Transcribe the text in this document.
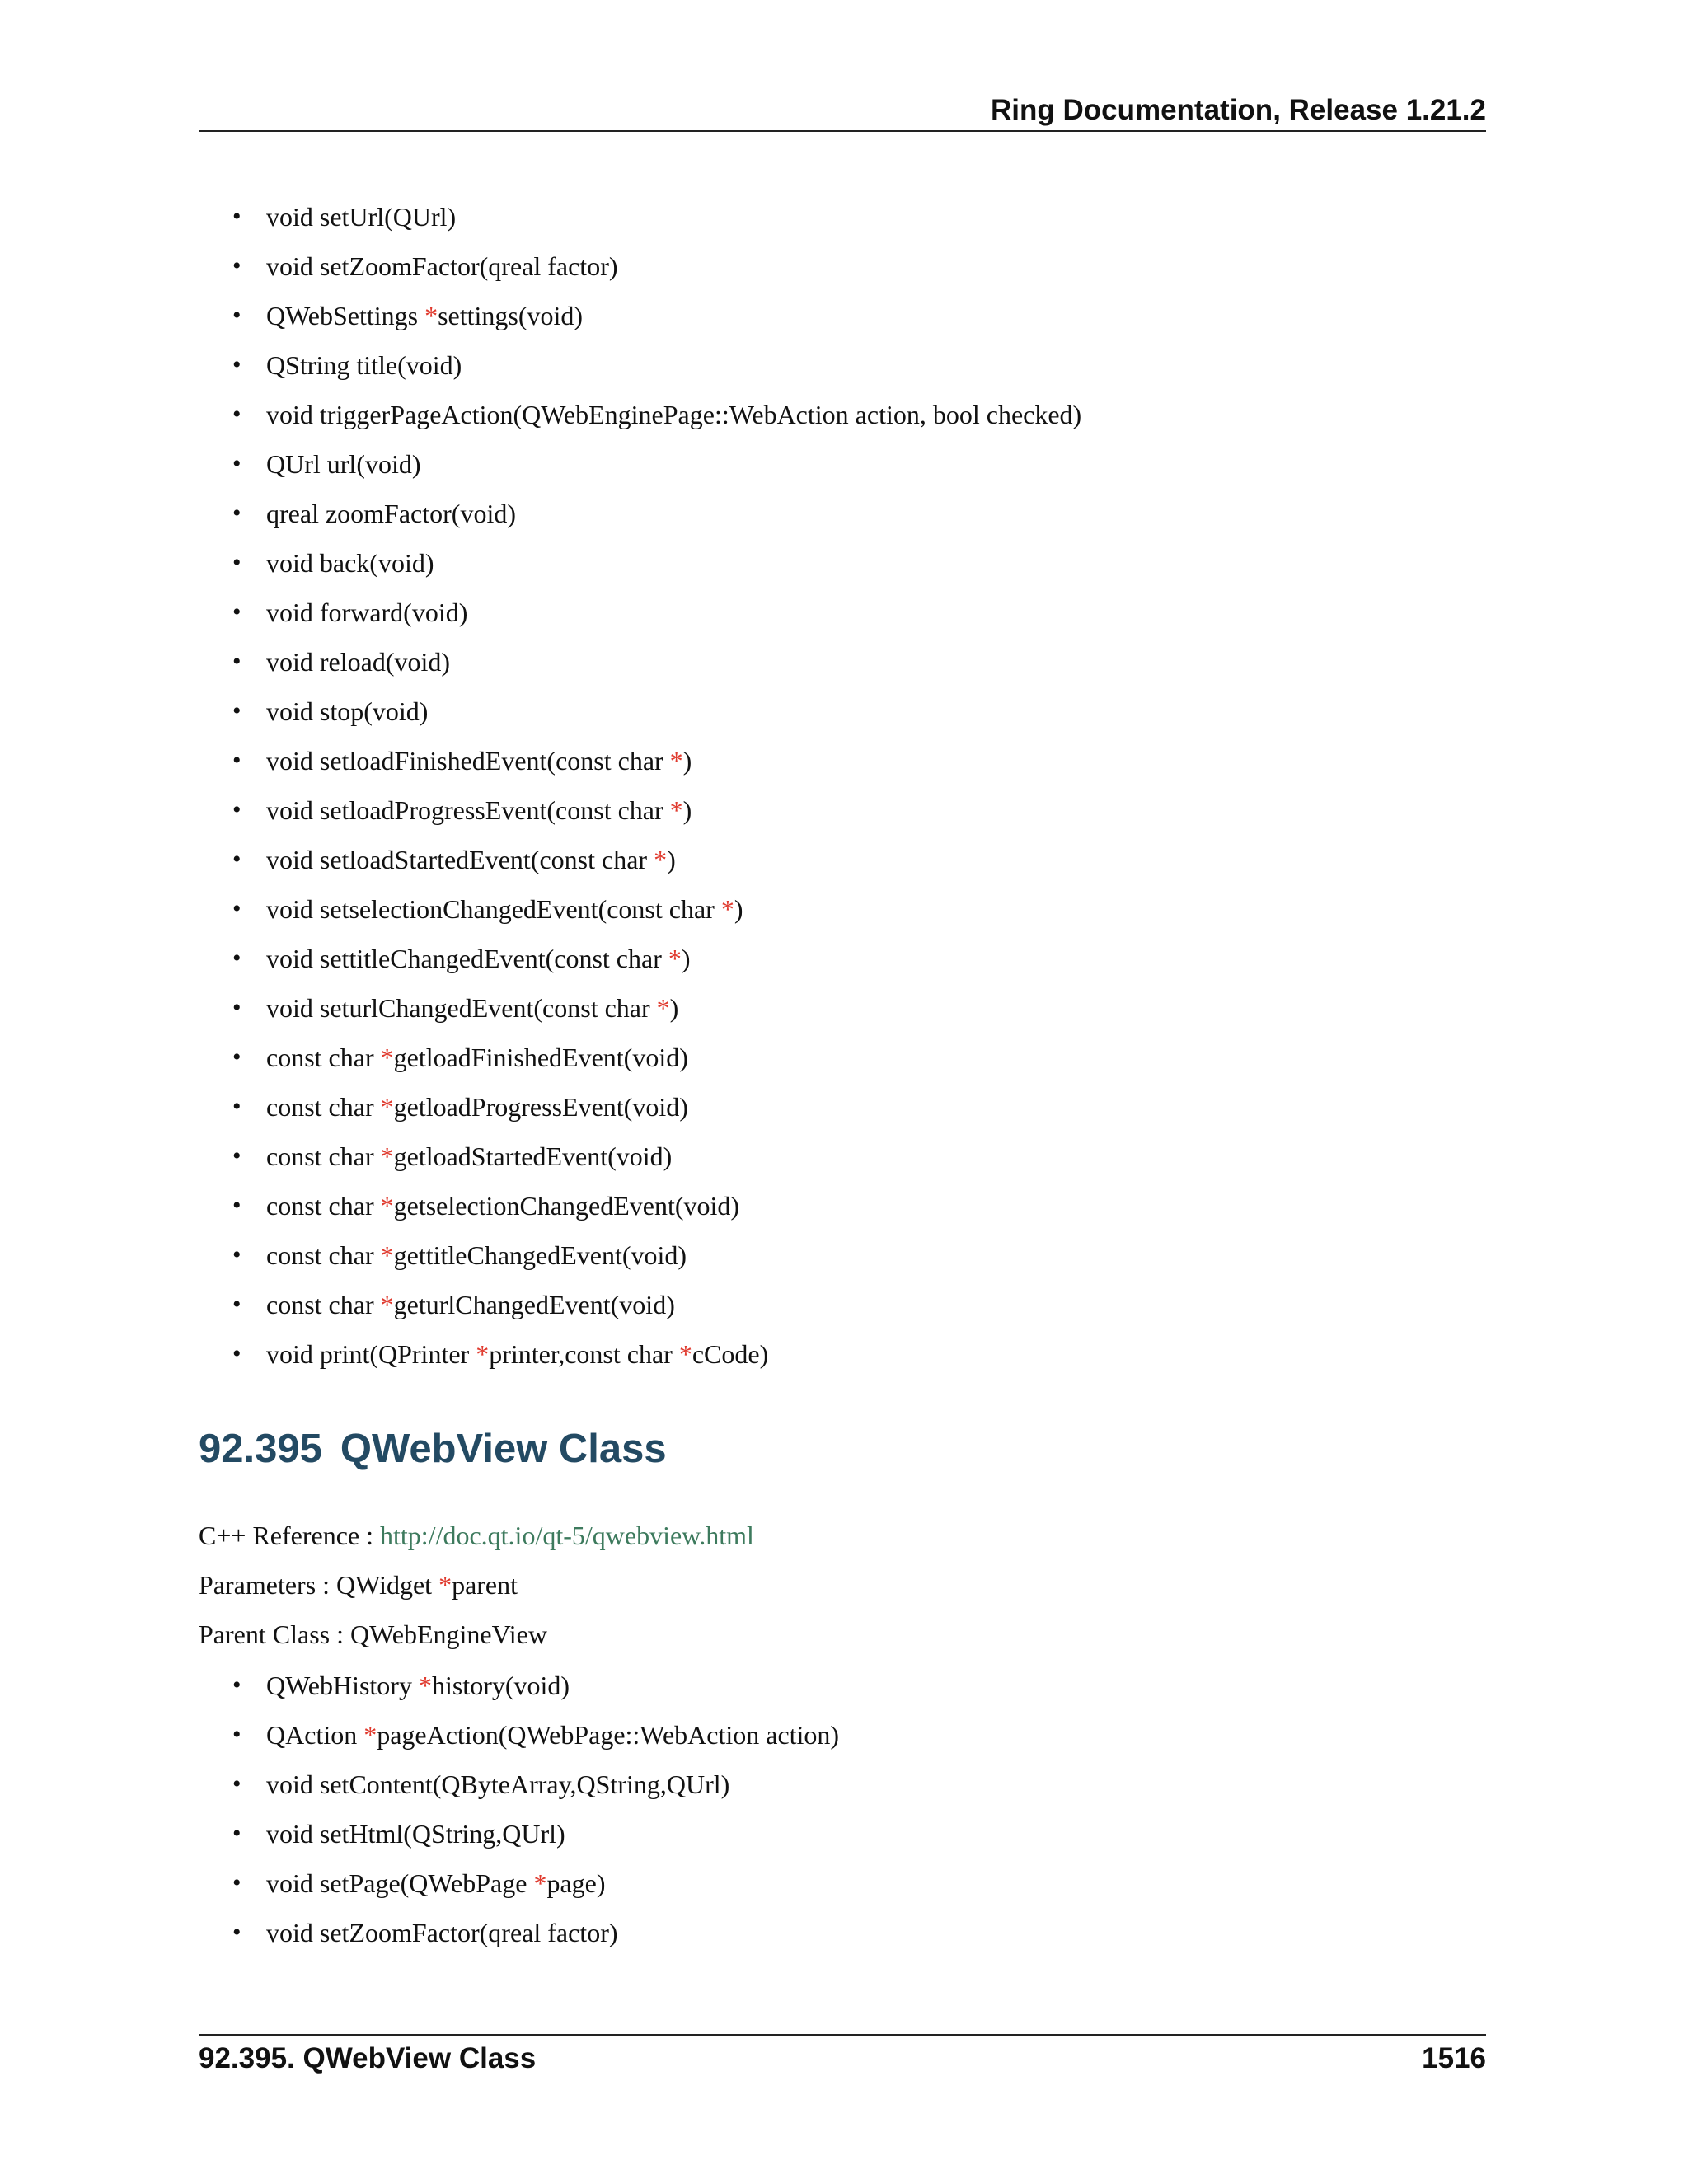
Ring Documentation, Release 1.21.2
• void setUrl(QUrl)
• void setZoomFactor(qreal factor)
• QWebSettings *settings(void)
• QString title(void)
• void triggerPageAction(QWebEnginePage::WebAction action, bool checked)
• QUrl url(void)
• qreal zoomFactor(void)
• void back(void)
• void forward(void)
• void reload(void)
• void stop(void)
• void setloadFinishedEvent(const char *)
• void setloadProgressEvent(const char *)
• void setloadStartedEvent(const char *)
• void setselectionChangedEvent(const char *)
• void settitleChangedEvent(const char *)
• void seturlChangedEvent(const char *)
• const char *getloadFinishedEvent(void)
• const char *getloadProgressEvent(void)
• const char *getloadStartedEvent(void)
• const char *getselectionChangedEvent(void)
• const char *gettitleChangedEvent(void)
• const char *geturlChangedEvent(void)
• void print(QPrinter *printer,const char *cCode)
92.395 QWebView Class
C++ Reference : http://doc.qt.io/qt-5/qwebview.html
Parameters : QWidget *parent
Parent Class : QWebEngineView
• QWebHistory *history(void)
• QAction *pageAction(QWebPage::WebAction action)
• void setContent(QByteArray,QString,QUrl)
• void setHtml(QString,QUrl)
• void setPage(QWebPage *page)
• void setZoomFactor(qreal factor)
92.395. QWebView Class	1516
